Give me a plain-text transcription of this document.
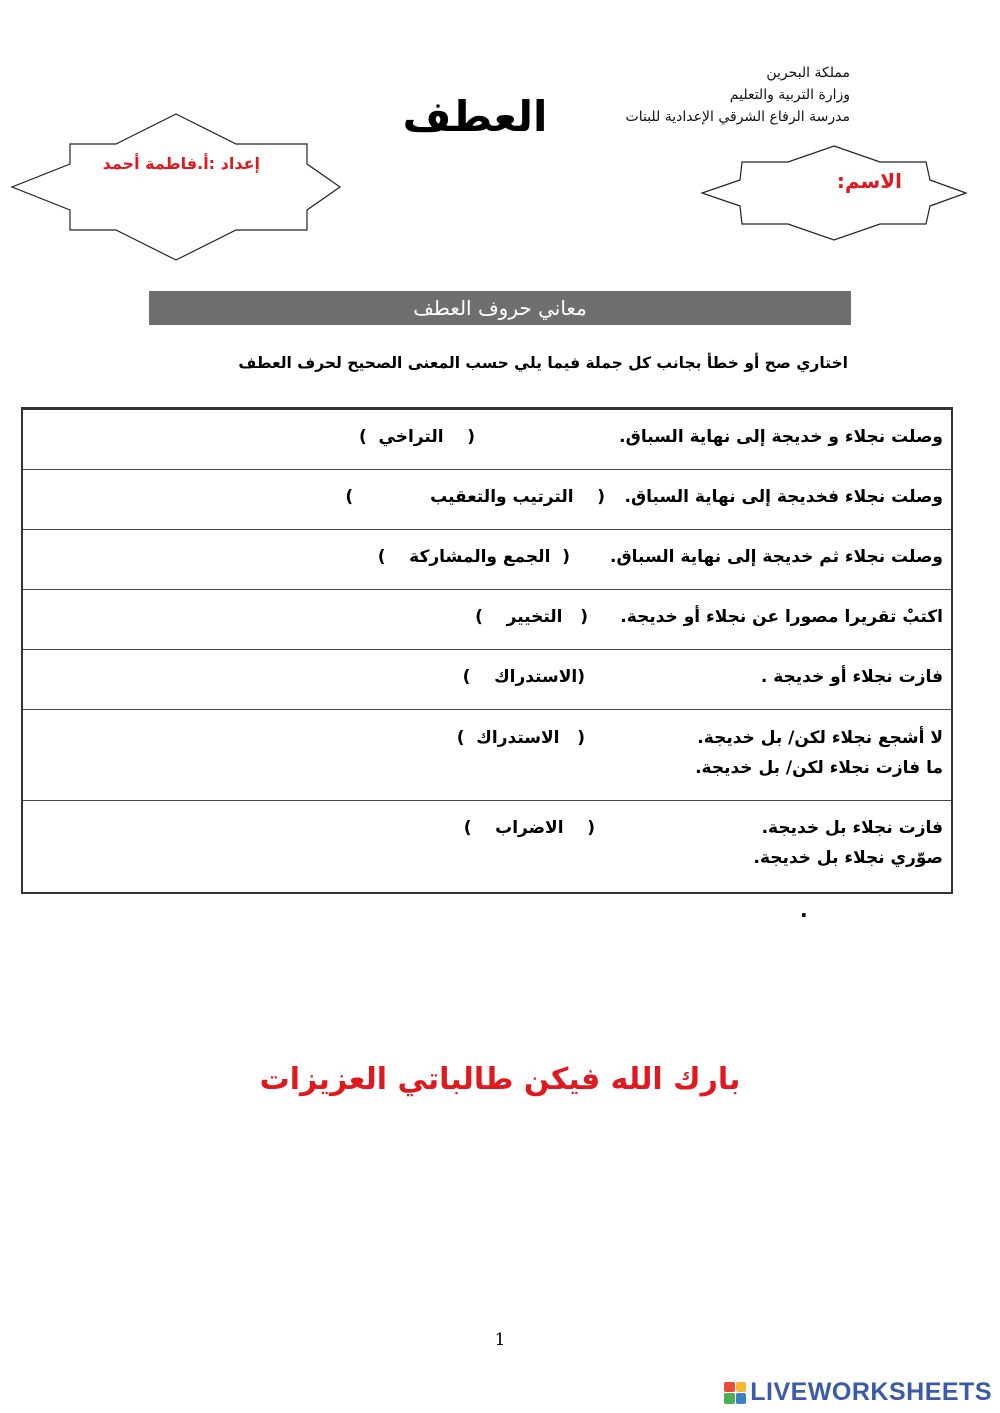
مملكة البحرين
وزارة التربية والتعليم
مدرسة الرفاع الشرقي الإعدادية للبنات
العطف
إعداد :أ.فاطمة أحمد
الاسم:
معاني حروف العطف
اختاري صح أو خطأ بجانب كل جملة فيما يلي حسب المعنى الصحيح لحرف العطف
وصلت نجلاء و خديجة إلى نهاية السباق.
(    التراخي  )
وصلت نجلاء فخديجة إلى نهاية السباق.
(    الترتيب والتعقيب             )
وصلت نجلاء ثم خديجة إلى نهاية السباق.
(  الجمع والمشاركة    )
اكتبْ تقريرا مصورا عن نجلاء أو خديجة.
(   التخيير    )
فازت نجلاء أو خديجة .
(الاستدراك    )
لا أشجع نجلاء لكن/ بل خديجة.
ما فازت نجلاء لكن/ بل خديجة.
(   الاستدراك  )
فازت نجلاء بل خديجة.
صوّري نجلاء بل خديجة.
(    الاضراب    )
.
بارك الله فيكن طالباتي العزيزات
1
LIVEWORKSHEETS
